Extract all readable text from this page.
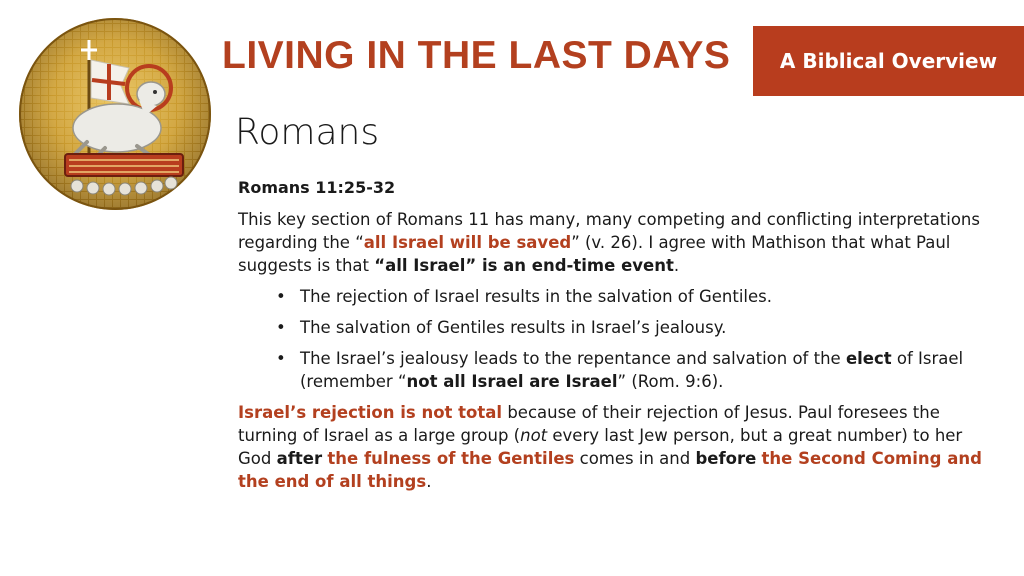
LIVING IN THE LAST DAYS A Biblical Overview
Romans
Romans 11:25-32

This key section of Romans 11 has many, many competing and conflicting interpretations regarding the “all Israel will be saved” (v. 26). I agree with Mathison that what Paul suggests is that “all Israel” is an end-time event.

• The rejection of Israel results in the salvation of Gentiles.
• The salvation of Gentiles results in Israel’s jealousy.
• The Israel’s jealousy leads to the repentance and salvation of the elect of Israel (remember “not all Israel are Israel” (Rom. 9:6).

Israel’s rejection is not total because of their rejection of Jesus. Paul foresees the turning of Israel as a large group (not every last Jew person, but a great number) to her God after the fulness of the Gentiles comes in and before the Second Coming and the end of all things.
